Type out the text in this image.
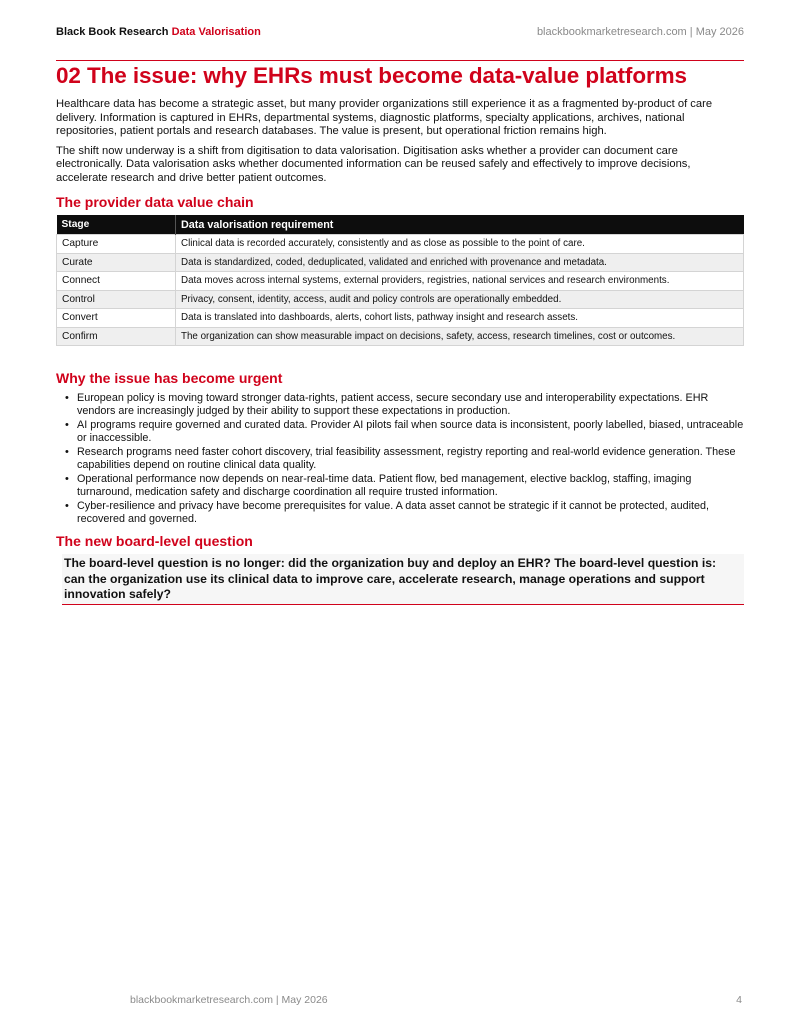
Black Book Research Data Valorisation	blackbookmarketresearch.com | May 2026
02 The issue: why EHRs must become data-value platforms

Healthcare data has become a strategic asset, but many provider organizations still experience it as a fragmented by-product of care delivery. Information is captured in EHRs, departmental systems, diagnostic platforms, specialty applications, archives, national repositories, patient portals and research databases. The value is present, but operational friction remains high.

The shift now underway is a shift from digitisation to data valorisation. Digitisation asks whether a provider can document care electronically. Data valorisation asks whether documented information can be reused safely and effectively to improve decisions, accelerate research and drive better patient outcomes.

The provider data value chain
Stage	Data valorisation requirement
Capture	Clinical data is recorded accurately, consistently and as close as possible to the point of care.
Curate	Data is standardized, coded, deduplicated, validated and enriched with provenance and metadata.
Connect	Data moves across internal systems, external providers, registries, national services and research environments.
Control	Privacy, consent, identity, access, audit and policy controls are operationally embedded.
Convert	Data is translated into dashboards, alerts, cohort lists, pathway insight and research assets.
Confirm	The organization can show measurable impact on decisions, safety, access, research timelines, cost or outcomes.
Why the issue has become urgent
• European policy is moving toward stronger data-rights, patient access, secure secondary use and interoperability expectations. EHR vendors are increasingly judged by their ability to support these expectations in production.
• AI programs require governed and curated data. Provider AI pilots fail when source data is inconsistent, poorly labelled, biased, untraceable or inaccessible.
• Research programs need faster cohort discovery, trial feasibility assessment, registry reporting and real-world evidence generation. These capabilities depend on routine clinical data quality.
• Operational performance now depends on near-real-time data. Patient flow, bed management, elective backlog, staffing, imaging turnaround, medication safety and discharge coordination all require trusted information.
• Cyber-resilience and privacy have become prerequisites for value. A data asset cannot be strategic if it cannot be protected, audited, recovered and governed.
The new board-level question
The board-level question is no longer: did the organization buy and deploy an EHR? The board-level question is: can the organization use its clinical data to improve care, accelerate research, manage operations and support innovation safely?
blackbookmarketresearch.com | May 2026	4
